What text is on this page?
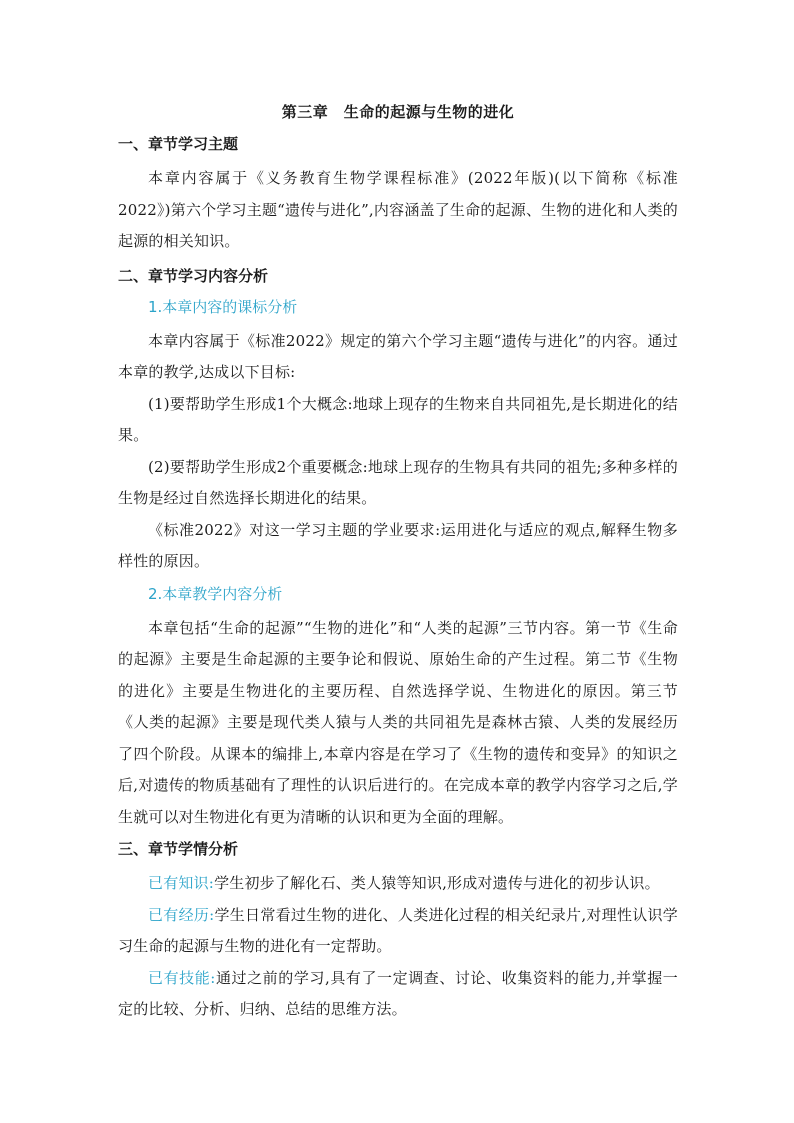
第三章　生命的起源与生物的进化
一、章节学习主题
本章内容属于《义务教育生物学课程标准》(2022年版)(以下简称《标准2022》)第六个学习主题“遗传与进化”,内容涵盖了生命的起源、生物的进化和人类的起源的相关知识。
二、章节学习内容分析
1.本章内容的课标分析
本章内容属于《标准2022》规定的第六个学习主题“遗传与进化”的内容。通过本章的教学,达成以下目标:
(1)要帮助学生形成1个大概念:地球上现存的生物来自共同祖先,是长期进化的结果。
(2)要帮助学生形成2个重要概念:地球上现存的生物具有共同的祖先;多种多样的生物是经过自然选择长期进化的结果。
《标准2022》对这一学习主题的学业要求:运用进化与适应的观点,解释生物多样性的原因。
2.本章教学内容分析
本章包括“生命的起源”“生物的进化”和“人类的起源”三节内容。第一节《生命的起源》主要是生命起源的主要争论和假说、原始生命的产生过程。第二节《生物的进化》主要是生物进化的主要历程、自然选择学说、生物进化的原因。第三节《人类的起源》主要是现代类人猿与人类的共同祖先是森林古猿、人类的发展经历了四个阶段。从课本的编排上,本章内容是在学习了《生物的遗传和变异》的知识之后,对遗传的物质基础有了理性的认识后进行的。在完成本章的教学内容学习之后,学生就可以对生物进化有更为清晰的认识和更为全面的理解。
三、章节学情分析
已有知识:学生初步了解化石、类人猿等知识,形成对遗传与进化的初步认识。
已有经历:学生日常看过生物的进化、人类进化过程的相关纪录片,对理性认识学习生命的起源与生物的进化有一定帮助。
已有技能:通过之前的学习,具有了一定调查、讨论、收集资料的能力,并掌握一定的比较、分析、归纳、总结的思维方法。
